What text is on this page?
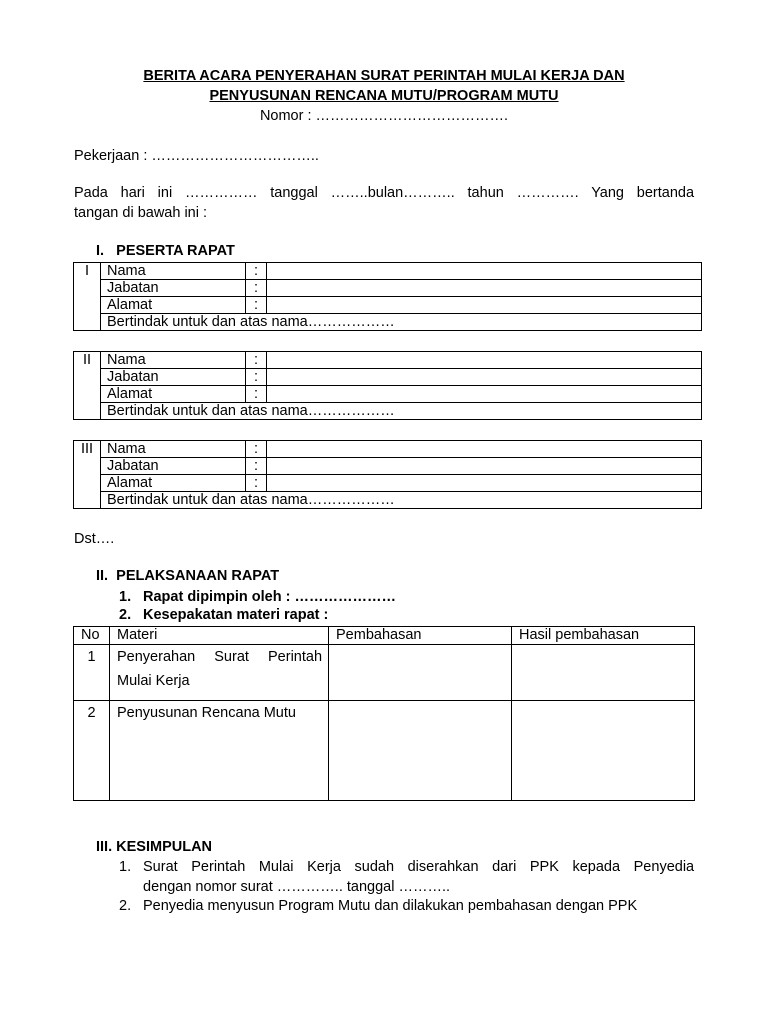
BERITA ACARA PENYERAHAN SURAT PERINTAH MULAI KERJA DAN
PENYUSUNAN RENCANA MUTU/PROGRAM MUTU
Nomor : ………………………………….
Pekerjaan : ……………………………..
Pada hari ini …………… tanggal ……..bulan……….. tahun …………. Yang bertanda
tangan di bawah ini :
I. PESERTA RAPAT
I	Nama	:	
	Jabatan	:	
	Alamat	:	
	Bertindak untuk dan atas nama………………		
II	Nama	:	
	Jabatan	:	
	Alamat	:	
	Bertindak untuk dan atas nama………………		
III	Nama	:	
	Jabatan	:	
	Alamat	:	
	Bertindak untuk dan atas nama………………		
Dst….
II. PELAKSANAAN RAPAT
1. Rapat dipimpin oleh : …………………
2. Kesepakatan materi rapat :
No	Materi	Pembahasan	Hasil pembahasan
1	Penyerahan Surat Perintah
Mulai Kerja		

2	Penyusunan Rencana Mutu		
III. KESIMPULAN
1. Surat Perintah Mulai Kerja sudah diserahkan dari PPK kepada Penyedia
dengan nomor surat ………….. tanggal ………..
2. Penyedia menyusun Program Mutu dan dilakukan pembahasan dengan PPK
